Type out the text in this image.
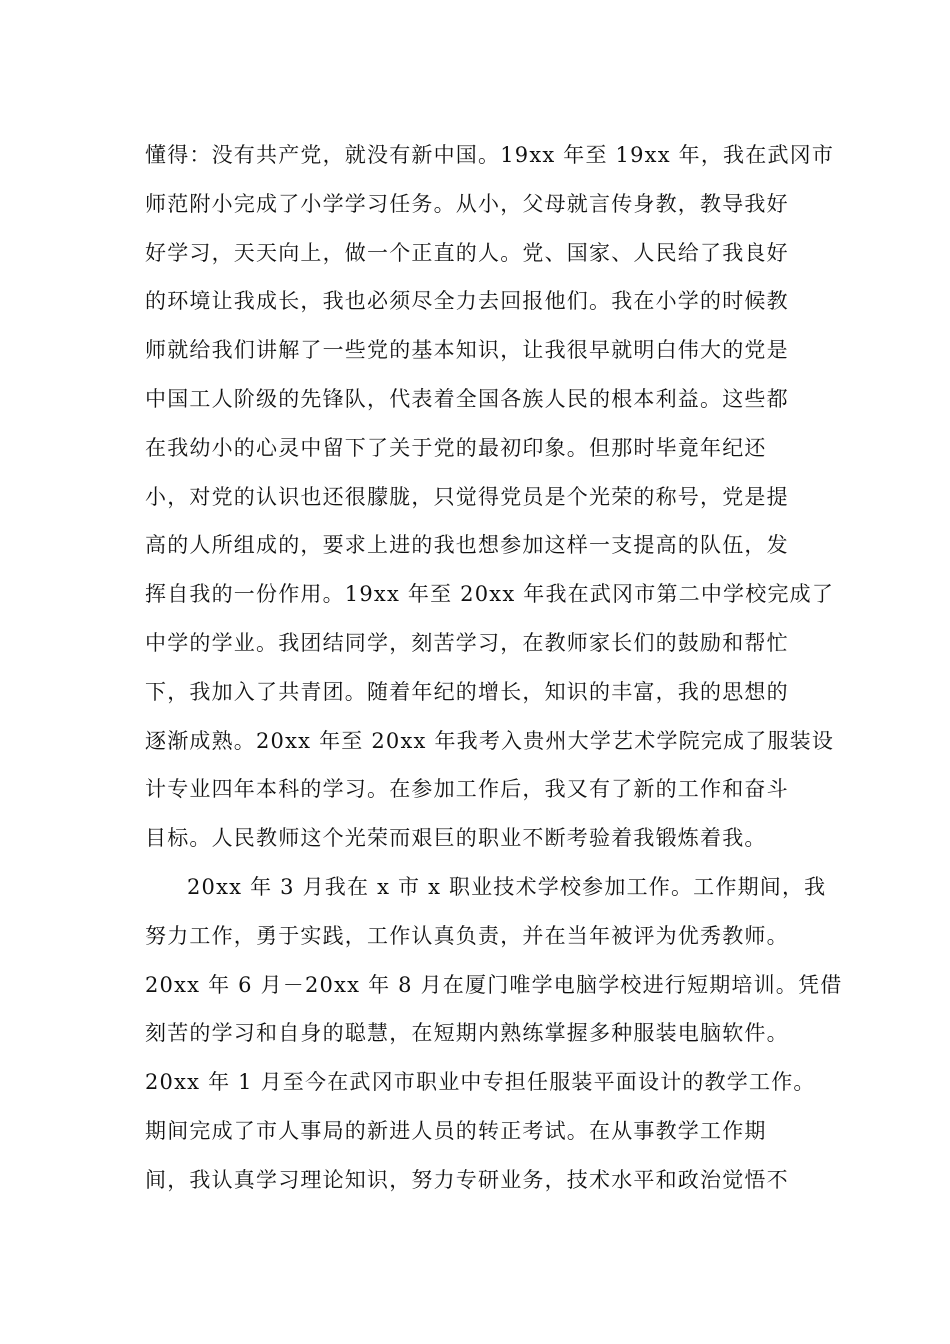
懂得：没有共产党，就没有新中国。19xx 年至 19xx 年，我在武冈市
师范附小完成了小学学习任务。从小，父母就言传身教，教导我好
好学习，天天向上，做一个正直的人。党、国家、人民给了我良好
的环境让我成长，我也必须尽全力去回报他们。我在小学的时候教
师就给我们讲解了一些党的基本知识，让我很早就明白伟大的党是
中国工人阶级的先锋队，代表着全国各族人民的根本利益。这些都
在我幼小的心灵中留下了关于党的最初印象。但那时毕竟年纪还
小，对党的认识也还很朦胧，只觉得党员是个光荣的称号，党是提
高的人所组成的，要求上进的我也想参加这样一支提高的队伍，发
挥自我的一份作用。19xx 年至 20xx 年我在武冈市第二中学校完成了
中学的学业。我团结同学，刻苦学习，在教师家长们的鼓励和帮忙
下，我加入了共青团。随着年纪的增长，知识的丰富，我的思想的
逐渐成熟。20xx 年至 20xx 年我考入贵州大学艺术学院完成了服装设
计专业四年本科的学习。在参加工作后，我又有了新的工作和奋斗
目标。人民教师这个光荣而艰巨的职业不断考验着我锻炼着我。
20xx 年 3 月我在 x 市 x 职业技术学校参加工作。工作期间，我
努力工作，勇于实践，工作认真负责，并在当年被评为优秀教师。
20xx 年 6 月－20xx 年 8 月在厦门唯学电脑学校进行短期培训。凭借
刻苦的学习和自身的聪慧，在短期内熟练掌握多种服装电脑软件。
20xx 年 1 月至今在武冈市职业中专担任服装平面设计的教学工作。
期间完成了市人事局的新进人员的转正考试。在从事教学工作期
间，我认真学习理论知识，努力专研业务，技术水平和政治觉悟不
